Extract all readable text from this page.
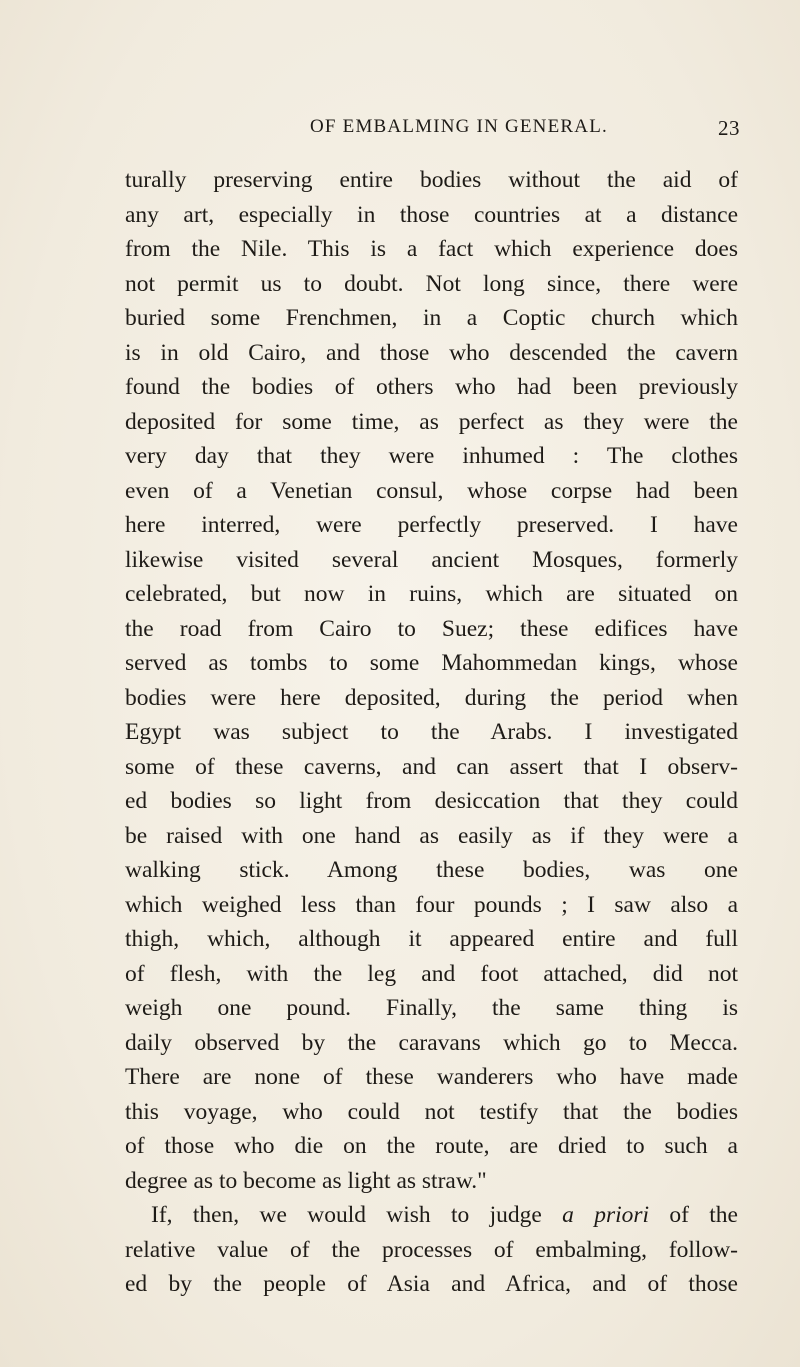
OF EMBALMING IN GENERAL.	23
turally preserving entire bodies without the aid of
any art, especially in those countries at a distance
from the Nile. This is a fact which experience does
not permit us to doubt. Not long since, there were
buried some Frenchmen, in a Coptic church which
is in old Cairo, and those who descended the cavern
found the bodies of others who had been previously
deposited for some time, as perfect as they were the
very day that they were inhumed : The clothes
even of a Venetian consul, whose corpse had been
here interred, were perfectly preserved. I have
likewise visited several ancient Mosques, formerly
celebrated, but now in ruins, which are situated on
the road from Cairo to Suez; these edifices have
served as tombs to some Mahommedan kings, whose
bodies were here deposited, during the period when
Egypt was subject to the Arabs. I investigated
some of these caverns, and can assert that I observ-
ed bodies so light from desiccation that they could
be raised with one hand as easily as if they were a
walking stick. Among these bodies, was one
which weighed less than four pounds ; I saw also a
thigh, which, although it appeared entire and full
of flesh, with the leg and foot attached, did not
weigh one pound. Finally, the same thing is
daily observed by the caravans which go to Mecca.
There are none of these wanderers who have made
this voyage, who could not testify that the bodies
of those who die on the route, are dried to such a
degree as to become as light as straw."
If, then, we would wish to judge a priori of the
relative value of the processes of embalming, follow-
ed by the people of Asia and Africa, and of those
